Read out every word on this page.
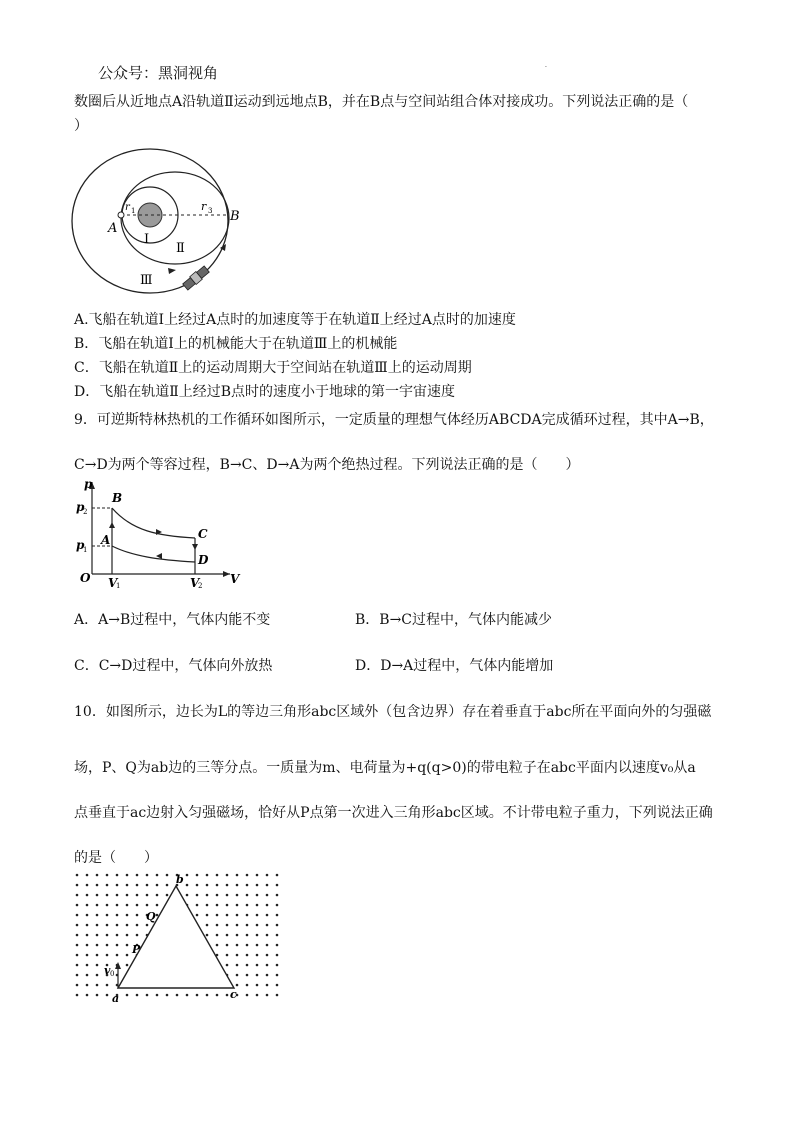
公众号：黑洞视角	.
数圈后从近地点A沿轨道Ⅱ运动到远地点B，并在B点与空间站组合体对接成功。下列说法正确的是（
）
A
B
r 1	r 3
Ⅰ
Ⅱ
Ⅲ
A.飞船在轨道Ⅰ上经过A点时的加速度等于在轨道Ⅱ上经过A点时的加速度
B．飞船在轨道Ⅰ上的机械能大于在轨道Ⅲ上的机械能
C．飞船在轨道Ⅱ上的运动周期大于空间站在轨道Ⅲ上的运动周期
D．飞船在轨道Ⅱ上经过B点时的速度小于地球的第一宇宙速度
9．可逆斯特林热机的工作循环如图所示，一定质量的理想气体经历ABCDA完成循环过程，其中A→B，
C→D为两个等容过程，B→C、D→A为两个绝热过程。下列说法正确的是（　　）
p
V
O
p
2
p
1
V
1	V
2
A
B
C
D
A．A→B过程中，气体内能不变	B．B→C过程中，气体内能减少
C．C→D过程中，气体向外放热	D．D→A过程中，气体内能增加
10．如图所示，边长为L的等边三角形abc区域外（包含边界）存在着垂直于abc所在平面向外的匀强磁
场，P、Q为ab边的三等分点。一质量为m、电荷量为+q(q>0)的带电粒子在abc平面内以速度v₀从a
点垂直于ac边射入匀强磁场，恰好从P点第一次进入三角形abc区域。不计带电粒子重力，下列说法正确
的是（　　）
a
b
c
P
Q
v 0
